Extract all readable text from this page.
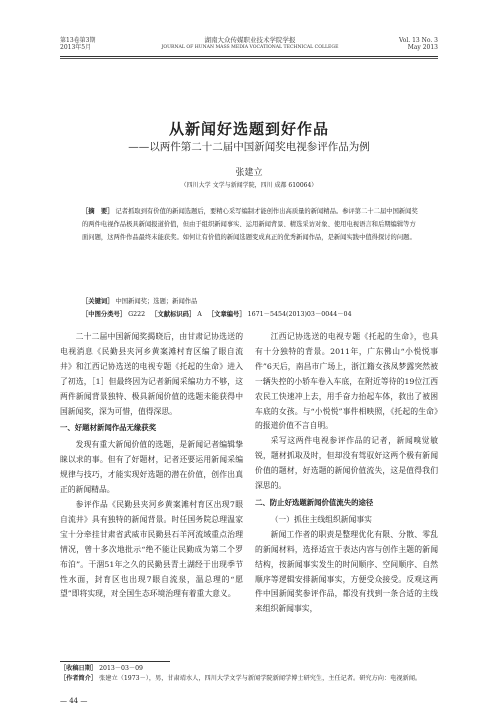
第13卷第3期
2013年5月
湖南大众传媒职业技术学院学报
JOURNAL OF HUNAN MASS MEDIA VOCATIONAL TECHNICAL COLLEGE
Vol. 13 No. 3
May 2013
从新闻好选题到好作品
——以两件第二十二届中国新闻奖电视参评作品为例
张建立
（四川大学 文学与新闻学院，四川 成都 610064）
［摘　要］ 记者抓取到有价值的新闻选题后，要精心采写编制才能创作出高质量的新闻精品。参评第二十二届中国新闻奖的两件电视作品极具新闻报道价值，但由于组织新闻事实、运用新闻背景、精选采访对象、使用电视语言和后期编辑等方面问题，这两件作品最终未能获奖。如何让有价值的新闻选题变成真正的优秀新闻作品，是新闻实践中值得探讨的问题。
［关键词］ 中国新闻奖；选题；新闻作品
［中图分类号］ G222 ［文献标识码］ A ［文章编号］ 1671－5454(2013)03－0044－04

二十二届中国新闻奖揭晓后，由甘肃记协选送的电视消息《民勤县夹河乡黄案滩村育区编了眼自流井》和江西记协选送的电视专题《托起的生命》进入了初选，［1］但最终因为记者新闻采编功力不够，这两件新闻背景独特、极具新闻价值的选题未能获得中国新闻奖，深为可惜，值得深思。

一、好题材新闻作品无缘获奖

发现有重大新闻价值的选题，是新闻记者编辑挚睐以求的事。但有了好题材，记者还要运用新闻采编规律与技巧，才能实现好选题的潜在价值，创作出真正的新闻精品。

参评作品《民勤县夹河乡黄案滩村育区出现7眼自流井》具有独特的新闻背景。时任国务院总理温家宝十分牵挂甘肃省武威市民勤县石羊河流域重点治理情况，曾十多次地批示“绝不能让民勤成为第二个罗布泊”。干涸51年之久的民勤县青土湖经于出现季节性水面，封育区也出现7眼自流泉，温总理的“愿望”即将实现，对全国生态环境治理有着重大意义。

江西记协选送的电视专题《托起的生命》，也具有十分独特的背景。2011年，广东佛山“小悦悦事件”6天后，南昌市广场上，浙江籍女孩凤梦露突然被一辆失控的小轿车卷入车底，在附近等待的19位江西农民工快速冲上去，用手奋力抬起车体，救出了被困车底的女孩。与“小悦悦”事件相映照，《托起的生命》的报道价值不言自明。

采写这两件电视参评作品的记者，新闻嗅觉敏锐，题材抓取及时，但却没有驾驭好这两个极有新闻价值的题材，好选题的新闻价值流失，这是值得我们深思的。

二、防止好选题新闻价值流失的途径

（一）抓住主线组织新闻事实

新闻工作者的职责是整理优化有限、分散、零乱的新闻材料，选择适宜于表达内容与创作主题的新闻结构，按新闻事实发生的时间顺序、空间顺序、自然顺序等逻辑安排新闻事实，方便受众接受。反观这两件中国新闻奖参评作品，都没有找到一条合适的主线来组织新闻事实，

［收稿日期］ 2013－03－09
［作者简介］ 张建立（1973－），男，甘肃靖水人，四川大学文学与新闻学院新闻学博士研究生，主任记者。研究方向：电视新闻。
— 44 —
